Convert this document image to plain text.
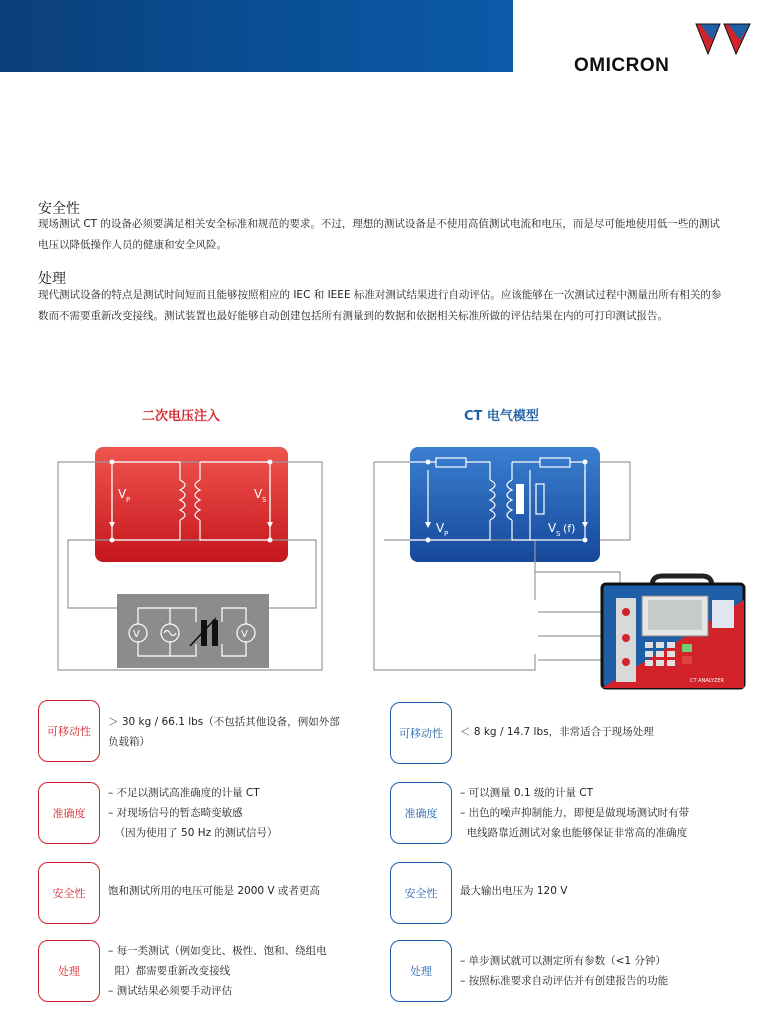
OMICRON
安全性
现场测试 CT 的设备必须要满足相关安全标准和规范的要求。不过，理想的测试设备是不使用高值测试电流和电压，而是尽可能地使用低一些的测试电压以降低操作人员的健康和安全风险。
处理
现代测试设备的特点是测试时间短而且能够按照相应的 IEC 和 IEEE 标准对测试结果进行自动评估。应该能够在一次测试过程中测量出所有相关的参数而不需要重新改变接线。测试装置也最好能够自动创建包括所有测量到的数据和依据相关标准所做的评估结果在内的可打印测试报告。
二次电压注入	CT 电气模型
V P	V S
V	V
V P	V S (f)
CT ANALYZER
可移动性
＞ 30 kg / 66.1 lbs（不包括其他设备，例如外部
负载箱）
可移动性	＜ 8 kg / 14.7 lbs，非常适合于现场处理
准确度
– 不足以测试高准确度的计量 CT
– 对现场信号的暂态畸变敏感
（因为使用了 50 Hz 的测试信号）
准确度
– 可以测量 0.1 级的计量 CT
– 出色的噪声抑制能力，即便是做现场测试时有带
电线路靠近测试对象也能够保证非常高的准确度
安全性	饱和测试所用的电压可能是 2000 V 或者更高	安全性	最大输出电压为 120 V
处理
– 每一类测试（例如变比、极性、饱和、绕组电
阻）都需要重新改变接线
– 测试结果必须要手动评估
处理
– 单步测试就可以测定所有参数（<1 分钟）
– 按照标准要求自动评估并有创建报告的功能
